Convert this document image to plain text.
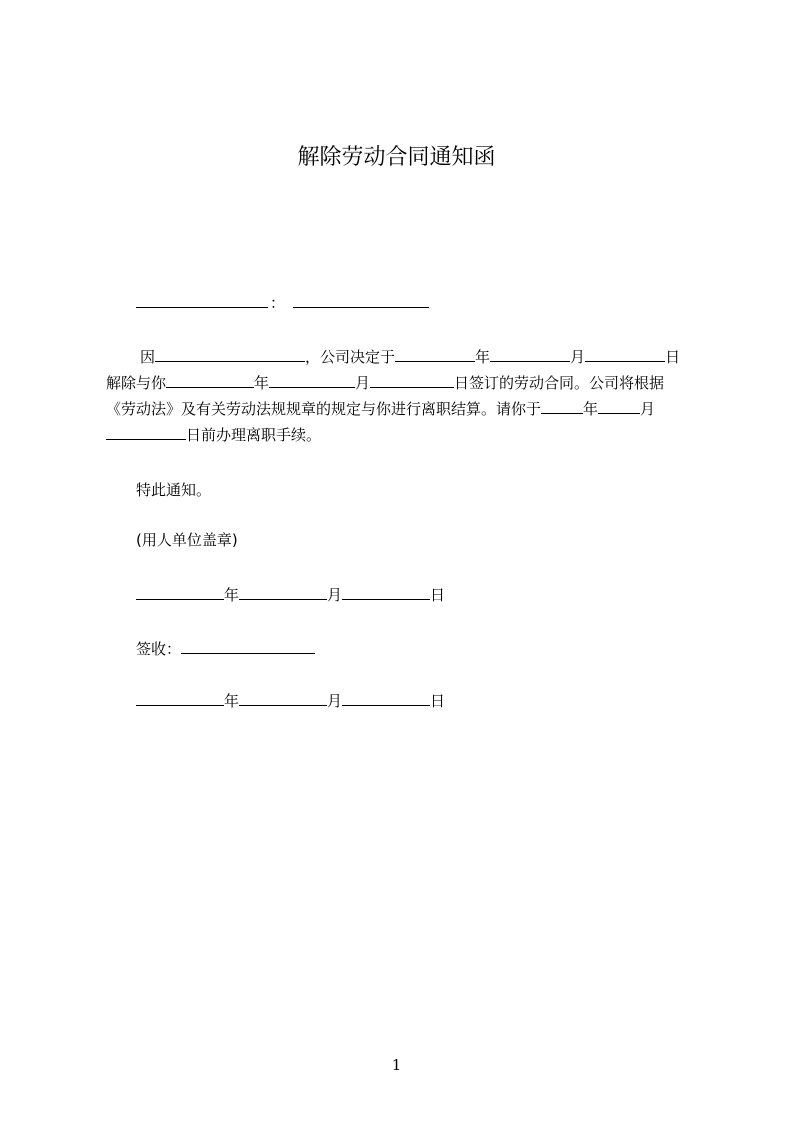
解除劳动合同通知函
：
因	，公司决定于	年	月	日
解除与你	年	月	日签订的劳动合同。公司将根据
《劳动法》及有关劳动法规规章的规定与你进行离职结算。请你于	年	月
日前办理离职手续。
特此通知。
(用人单位盖章)
年	月	日
签收：
年	月	日
1
